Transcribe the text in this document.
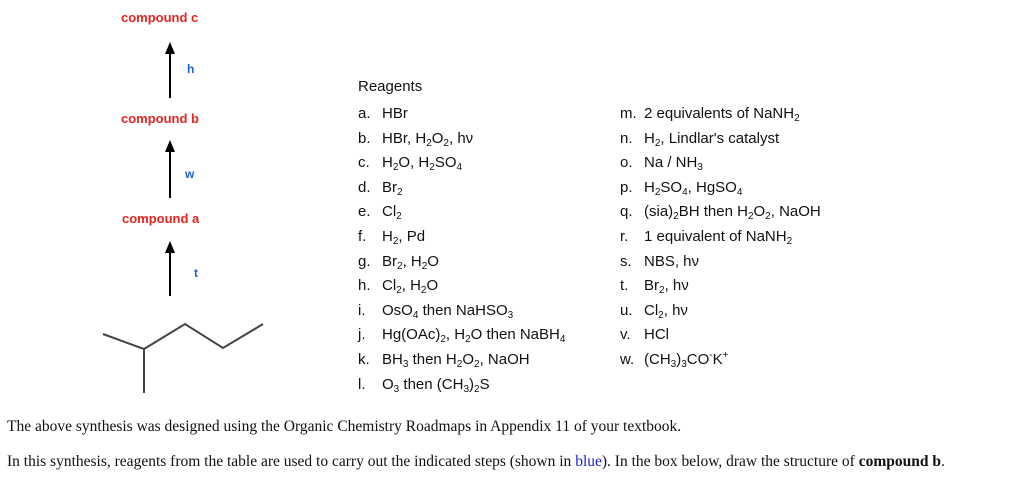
compound c
h
compound b
w
compound a
t
Reagents
a. HBr
b. HBr, $H_2O_2$, hν
c. $H_2O$, $H_2SO_4$
d. $Br_2$
e. $Cl_2$
f. $H_2$, Pd
g. $Br_2$, $H_2O$
h. $Cl_2$, $H_2O$
i. OsO$_4$ then NaHSO$_3$
j. $Hg(OAc)_2$, $H_2O$ then NaBH$_4$
k. $BH_3$ then $H_2O_2$, NaOH
l. $O_3$ then $(CH_3)_2S$
m. 2 equivalents of NaNH$_2$
n. $H_2$, Lindlar's catalyst
o. Na / $NH_3$
p. $H_2SO_4$, HgSO$_4$
q. $(sia)_2BH$ then $H_2O_2$, NaOH
r. 1 equivalent of NaNH$_2$
s. NBS, hν
t. $Br_2$, hν
u. $Cl_2$, hν
v. HCl
w. $(CH_3)_3CO^-K^+$
The above synthesis was designed using the Organic Chemistry Roadmaps in Appendix 11 of your textbook.
In this synthesis, reagents from the table are used to carry out the indicated steps (shown in blue). In the box below, draw the structure of compound b.
